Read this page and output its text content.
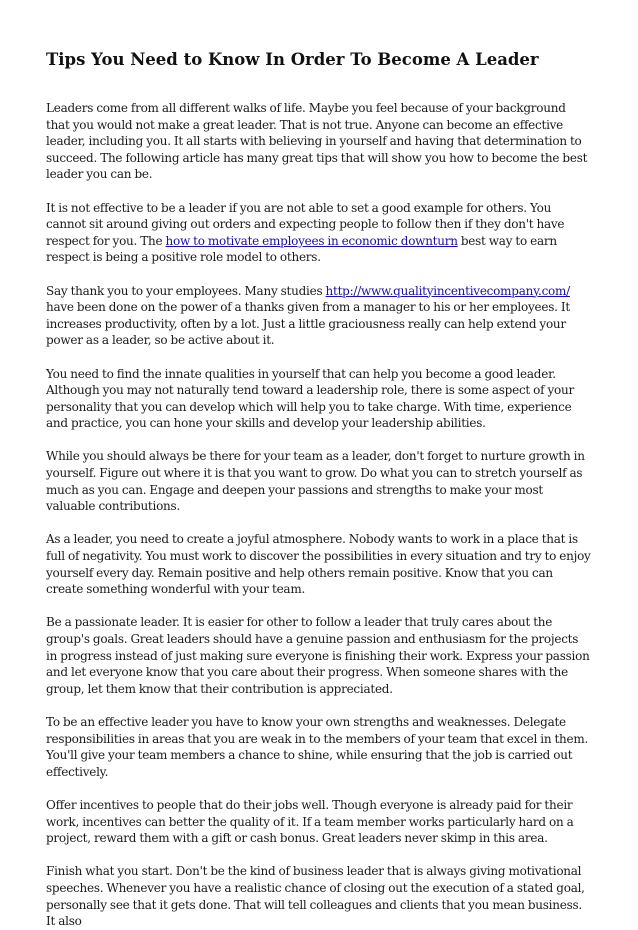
Tips You Need to Know In Order To Become A Leader

Leaders come from all different walks of life. Maybe you feel because of your background that you would not make a great leader. That is not true. Anyone can become an effective leader, including you. It all starts with believing in yourself and having that determination to succeed. The following article has many great tips that will show you how to become the best leader you can be.

It is not effective to be a leader if you are not able to set a good example for others. You cannot sit around giving out orders and expecting people to follow then if they don't have respect for you. The how to motivate employees in economic downturn best way to earn respect is being a positive role model to others.

Say thank you to your employees. Many studies http://www.qualityincentivecompany.com/ have been done on the power of a thanks given from a manager to his or her employees. It increases productivity, often by a lot. Just a little graciousness really can help extend your power as a leader, so be active about it.

You need to find the innate qualities in yourself that can help you become a good leader. Although you may not naturally tend toward a leadership role, there is some aspect of your personality that you can develop which will help you to take charge. With time, experience and practice, you can hone your skills and develop your leadership abilities.

While you should always be there for your team as a leader, don't forget to nurture growth in yourself. Figure out where it is that you want to grow. Do what you can to stretch yourself as much as you can. Engage and deepen your passions and strengths to make your most valuable contributions.

As a leader, you need to create a joyful atmosphere. Nobody wants to work in a place that is full of negativity. You must work to discover the possibilities in every situation and try to enjoy yourself every day. Remain positive and help others remain positive. Know that you can create something wonderful with your team.

Be a passionate leader. It is easier for other to follow a leader that truly cares about the group's goals. Great leaders should have a genuine passion and enthusiasm for the projects in progress instead of just making sure everyone is finishing their work. Express your passion and let everyone know that you care about their progress. When someone shares with the group, let them know that their contribution is appreciated.

To be an effective leader you have to know your own strengths and weaknesses. Delegate responsibilities in areas that you are weak in to the members of your team that excel in them. You'll give your team members a chance to shine, while ensuring that the job is carried out effectively.

Offer incentives to people that do their jobs well. Though everyone is already paid for their work, incentives can better the quality of it. If a team member works particularly hard on a project, reward them with a gift or cash bonus. Great leaders never skimp in this area.

Finish what you start. Don't be the kind of business leader that is always giving motivational speeches. Whenever you have a realistic chance of closing out the execution of a stated goal, personally see that it gets done. That will tell colleagues and clients that you mean business. It also
